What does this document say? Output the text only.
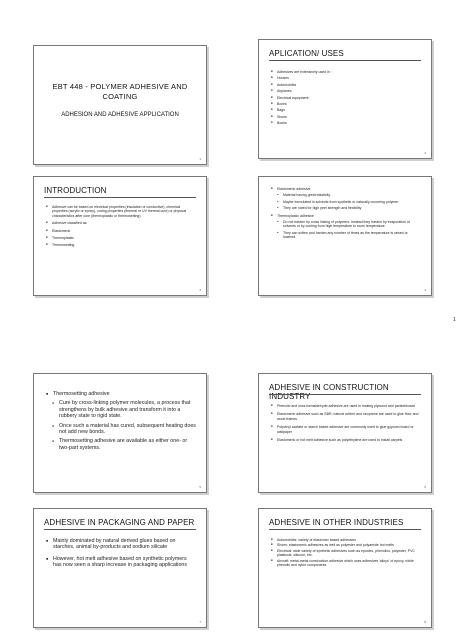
EBT 448 - POLYMER ADHESIVE AND
COATING
ADHESION AND ADHESIVE APPLICATION
1
APLICATION/ USES
■ Adhesives are extensively used in :
■ Houses
■ Automobiles
■ Airplanes
■ Electrical equipment
■ Boxes
■ Bags
■ Shoes
■ Books
2
INTRODUCTION
■ Adhesive can be based on electrical properties (insulation or conductive), chemical properties (acrylic or epoxy), curing properties (thermal or UV thermal cure) or physical characteristics after cure (thermoplastic or thermosetting)
■ Adhesive classified as:
■ Elastomeric
■ Thermoplastic
■ Thermosetting
3
■ Elastomeric adhesive:
● Material having great elasticity.
● Maybe formulated in solvents from synthetic or naturally occurring polymer
● They are noted for high peel strength and flexibility
■ Thermoplastic adhesive
● Do not harden by cross linking of polymers. Instead they harden by evaporation of solvents or by cooling from high temperature to room temperature
● They can soften and harden any number of times as the temperature is raised or lowered.
4
1
■ Thermosetting adhesive
● Cure by cross-linking polymer molecules, a process that strengthens by bulk adhesive and transform it into a rubbery state to rigid state.
● Once such a material has cured, subsequent heating does not add new bonds.
● Thermosetting adhesive are available as either one- or two-part systems.
5
ADHESIVE IN CONSTRUCTION INDUSTRY
■ Phenolic and urea-formaldehyde adhesive are used in making plywood and particleboard
■ Elastomeric adhesive such as SBR, natural rubber and neoprene are used to glue floor and wood frames
■ Polyvinyl acetate or starch based adhesive are commonly used to glue gypsum board or wallpaper
■ Elastomeric or hot melt adhesive such as polyethylene are used to install carpets
6
ADHESIVE IN PACKAGING AND PAPER
■ Mainly dominated by natural derived glues based on starches, animal by-products and sodium silicate
■ However, hot melt adhesive based on synthetic polymers has now seen a sharp increase in packaging applications
7
ADHESIVE IN OTHER INDUSTRIES
■ Automobiles: variety of elastomer based adhesives
■ Shoes: elastomeric adhesives as well as polyester and polyamide hot melts
■ Electrical: wide variety of synthetic adhesives such as epoxies, phenolics, polyester, PVC plastisols, silicone, etc.
■ Aircraft: metal-metal construction adhesive which uses adhesives 'alloys' of epoxy, nitrile phenolic and nylon components
8
